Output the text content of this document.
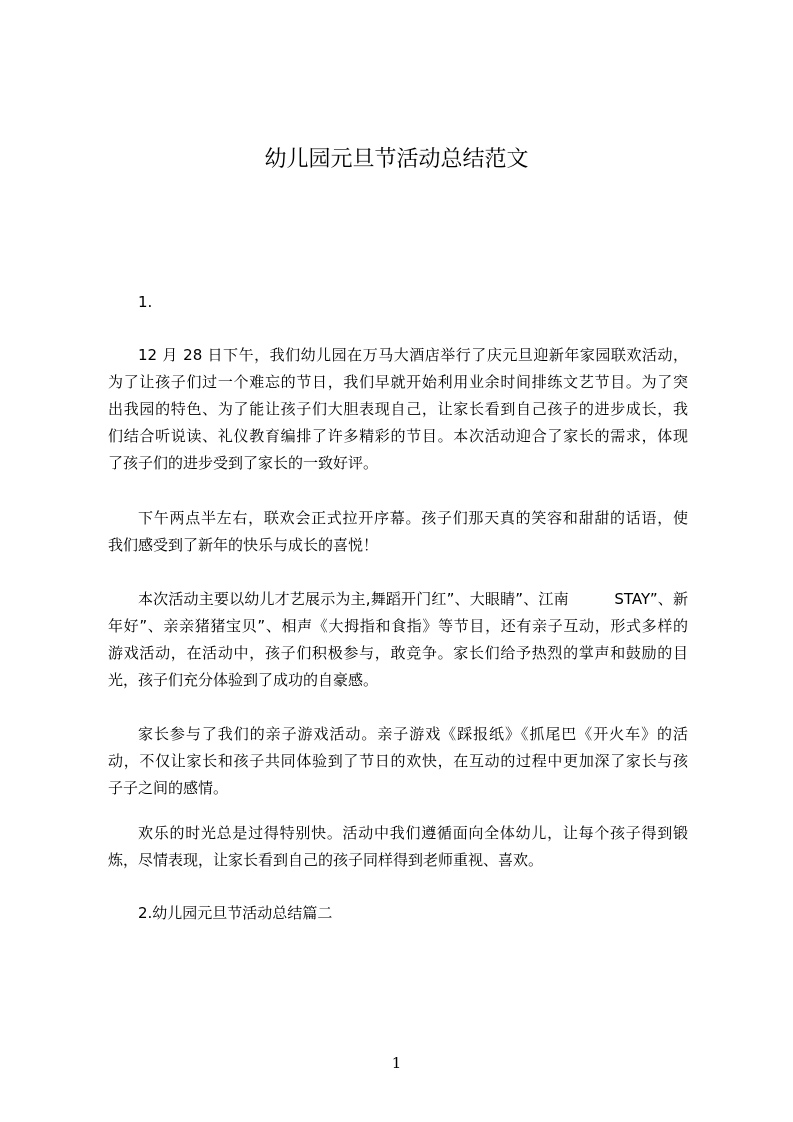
幼儿园元旦节活动总结范文
1.
12 月 28 日下午，我们幼儿园在万马大酒店举行了庆元旦迎新年家园联欢活动，
为了让孩子们过一个难忘的节日，我们早就开始利用业余时间排练文艺节目。为了突
出我园的特色、为了能让孩子们大胆表现自己，让家长看到自己孩子的进步成长，我
们结合听说读、礼仪教育编排了许多精彩的节目。本次活动迎合了家长的需求，体现
了孩子们的进步受到了家长的一致好评。
下午两点半左右，联欢会正式拉开序幕。孩子们那天真的笑容和甜甜的话语，使
我们感受到了新年的快乐与成长的喜悦！
本次活动主要以幼儿才艺展示为主,舞蹈开门红”、大眼睛”、江南　　　STAY”、新
年好”、亲亲猪猪宝贝”、相声《大拇指和食指》等节目，还有亲子互动，形式多样的
游戏活动，在活动中，孩子们积极参与，敢竞争。家长们给予热烈的掌声和鼓励的目
光，孩子们充分体验到了成功的自豪感。
家长参与了我们的亲子游戏活动。亲子游戏《踩报纸》《抓尾巴《开火车》的活
动，不仅让家长和孩子共同体验到了节日的欢快，在互动的过程中更加深了家长与孩
子子之间的感情。
欢乐的时光总是过得特别快。活动中我们遵循面向全体幼儿，让每个孩子得到锻
炼，尽情表现，让家长看到自己的孩子同样得到老师重视、喜欢。
2.幼儿园元旦节活动总结篇二
1
